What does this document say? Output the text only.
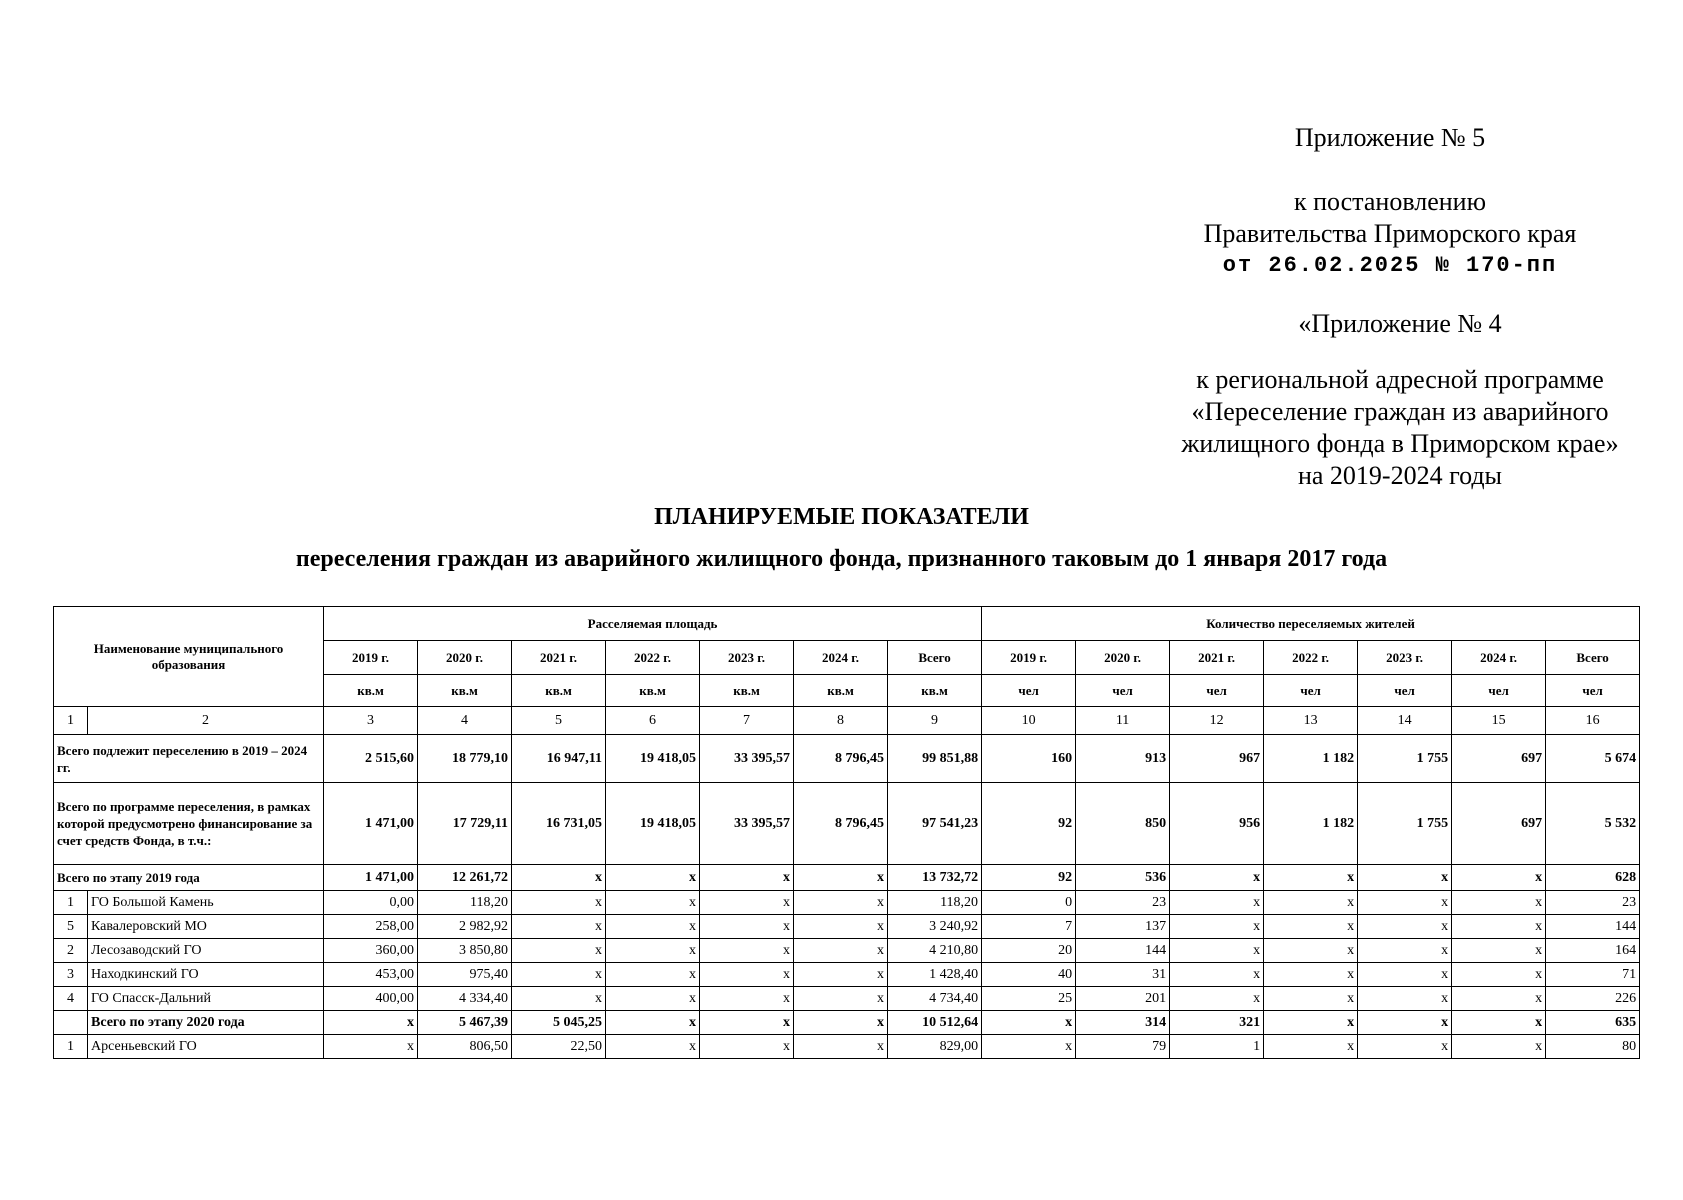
Приложение № 5
к постановлению
Правительства Приморского края
от 26.02.2025 № 170-пп
«Приложение № 4
к региональной адресной программе
«Переселение граждан из аварийного
жилищного фонда в Приморском крае»
на 2019-2024 годы
ПЛАНИРУЕМЫЕ ПОКАЗАТЕЛИ
переселения граждан из аварийного жилищного фонда, признанного таковым до 1 января 2017 года
Наименование муниципального образования		Расселяемая площадь							Количество переселяемых жителей						
		2019 г.	2020 г.	2021 г.	2022 г.	2023 г.	2024 г.	Всего	2019 г.	2020 г.	2021 г.	2022 г.	2023 г.	2024 г.	Всего
		кв.м	кв.м	кв.м	кв.м	кв.м	кв.м	кв.м	чел	чел	чел	чел	чел	чел	чел
1	2	3	4	5	6	7	8	9	10	11	12	13	14	15	16
Всего подлежит переселению в 2019 – 2024 гг.		2 515,60	18 779,10	16 947,11	19 418,05	33 395,57	8 796,45	99 851,88	160	913	967	1 182	1 755	697	5 674
Всего по программе переселения, в рамках которой предусмотрено финансирование за счет средств Фонда, в т.ч.:		1 471,00	17 729,11	16 731,05	19 418,05	33 395,57	8 796,45	97 541,23	92	850	956	1 182	1 755	697	5 532
Всего по этапу 2019 года		1 471,00	12 261,72	x	x	x	x	13 732,72	92	536	x	x	x	x	628
1	ГО Большой Камень	0,00	118,20	x	x	x	x	118,20	0	23	x	x	x	x	23
5	Кавалеровский МО	258,00	2 982,92	x	x	x	x	3 240,92	7	137	x	x	x	x	144
2	Лесозаводский ГО	360,00	3 850,80	x	x	x	x	4 210,80	20	144	x	x	x	x	164
3	Находкинский ГО	453,00	975,40	x	x	x	x	1 428,40	40	31	x	x	x	x	71
4	ГО Спасск-Дальний	400,00	4 334,40	x	x	x	x	4 734,40	25	201	x	x	x	x	226
	Всего по этапу 2020 года	x	5 467,39	5 045,25	x	x	x	10 512,64	x	314	321	x	x	x	635
1	Арсеньевский ГО	x	806,50	22,50	x	x	x	829,00	x	79	1	x	x	x	80
